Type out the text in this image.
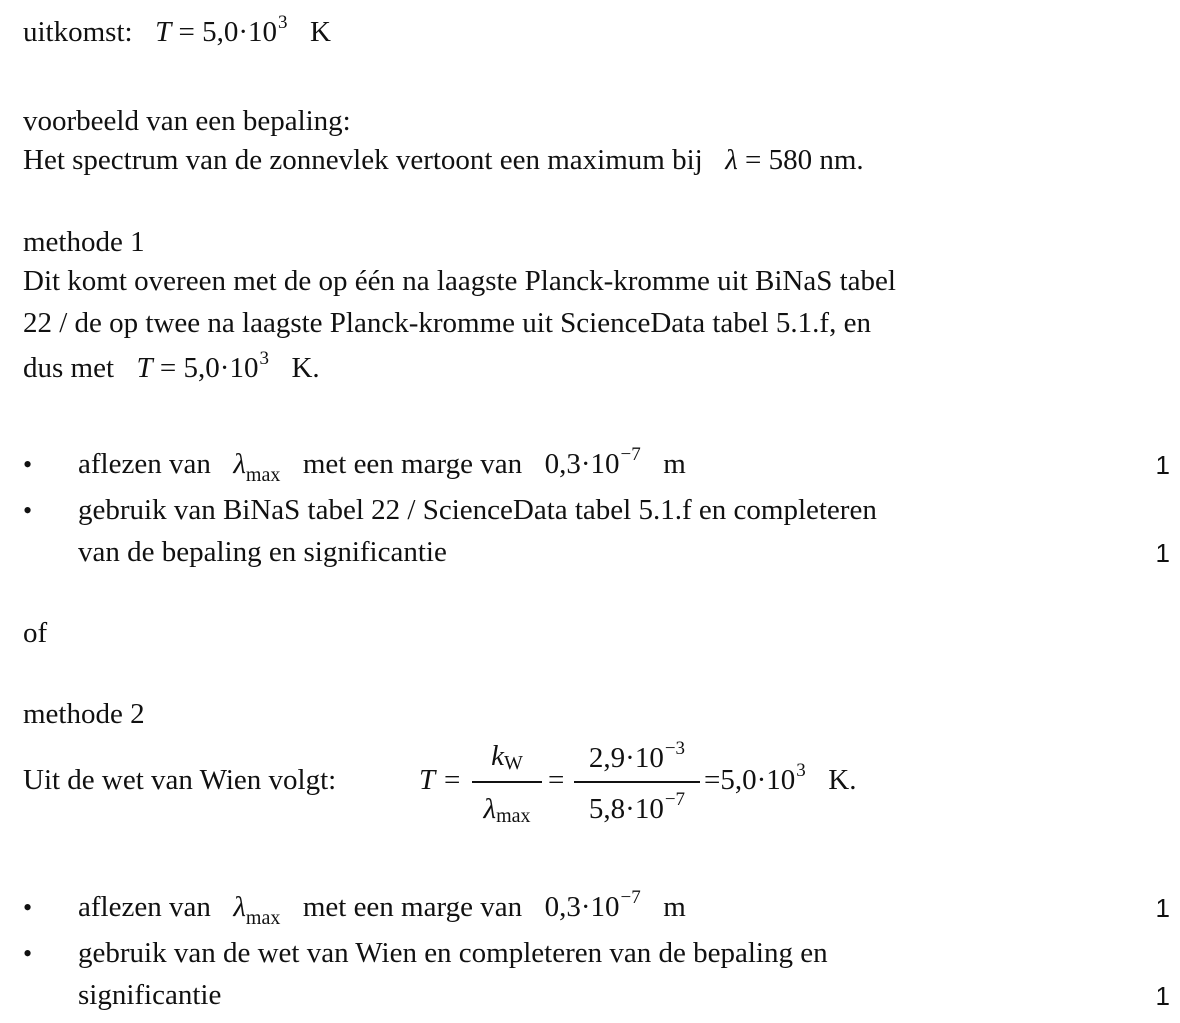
uitkomst: $T = 5,0\cdot 10^3$ K
voorbeeld van een bepaling:
Het spectrum van de zonnevlek vertoont een maximum bij λ = 580 nm.
methode 1
Dit komt overeen met de op één na laagste Planck-kromme uit BiNaS tabel
22 / de op twee na laagste Planck-kromme uit ScienceData tabel 5.1.f, en
dus met $T = 5,0\cdot 10^3$ K.
• aflezen van $\lambda_{max}$ met een marge van $0,3\cdot 10^{-7}$ m	1
• gebruik van BiNaS tabel 22 / ScienceData tabel 5.1.f en completeren
van de bepaling en significantie	1
of
methode 2
Uit de wet van Wien volgt:	T =
kW
λmax
=
$2,9\cdot 10^{-3}$
$5,8\cdot 10^{-7}$
$=5,0\cdot 10^3$ K.
• aflezen van $\lambda_{max}$ met een marge van $0,3\cdot 10^{-7}$ m	1
• gebruik van de wet van Wien en completeren van de bepaling en
significantie	1
